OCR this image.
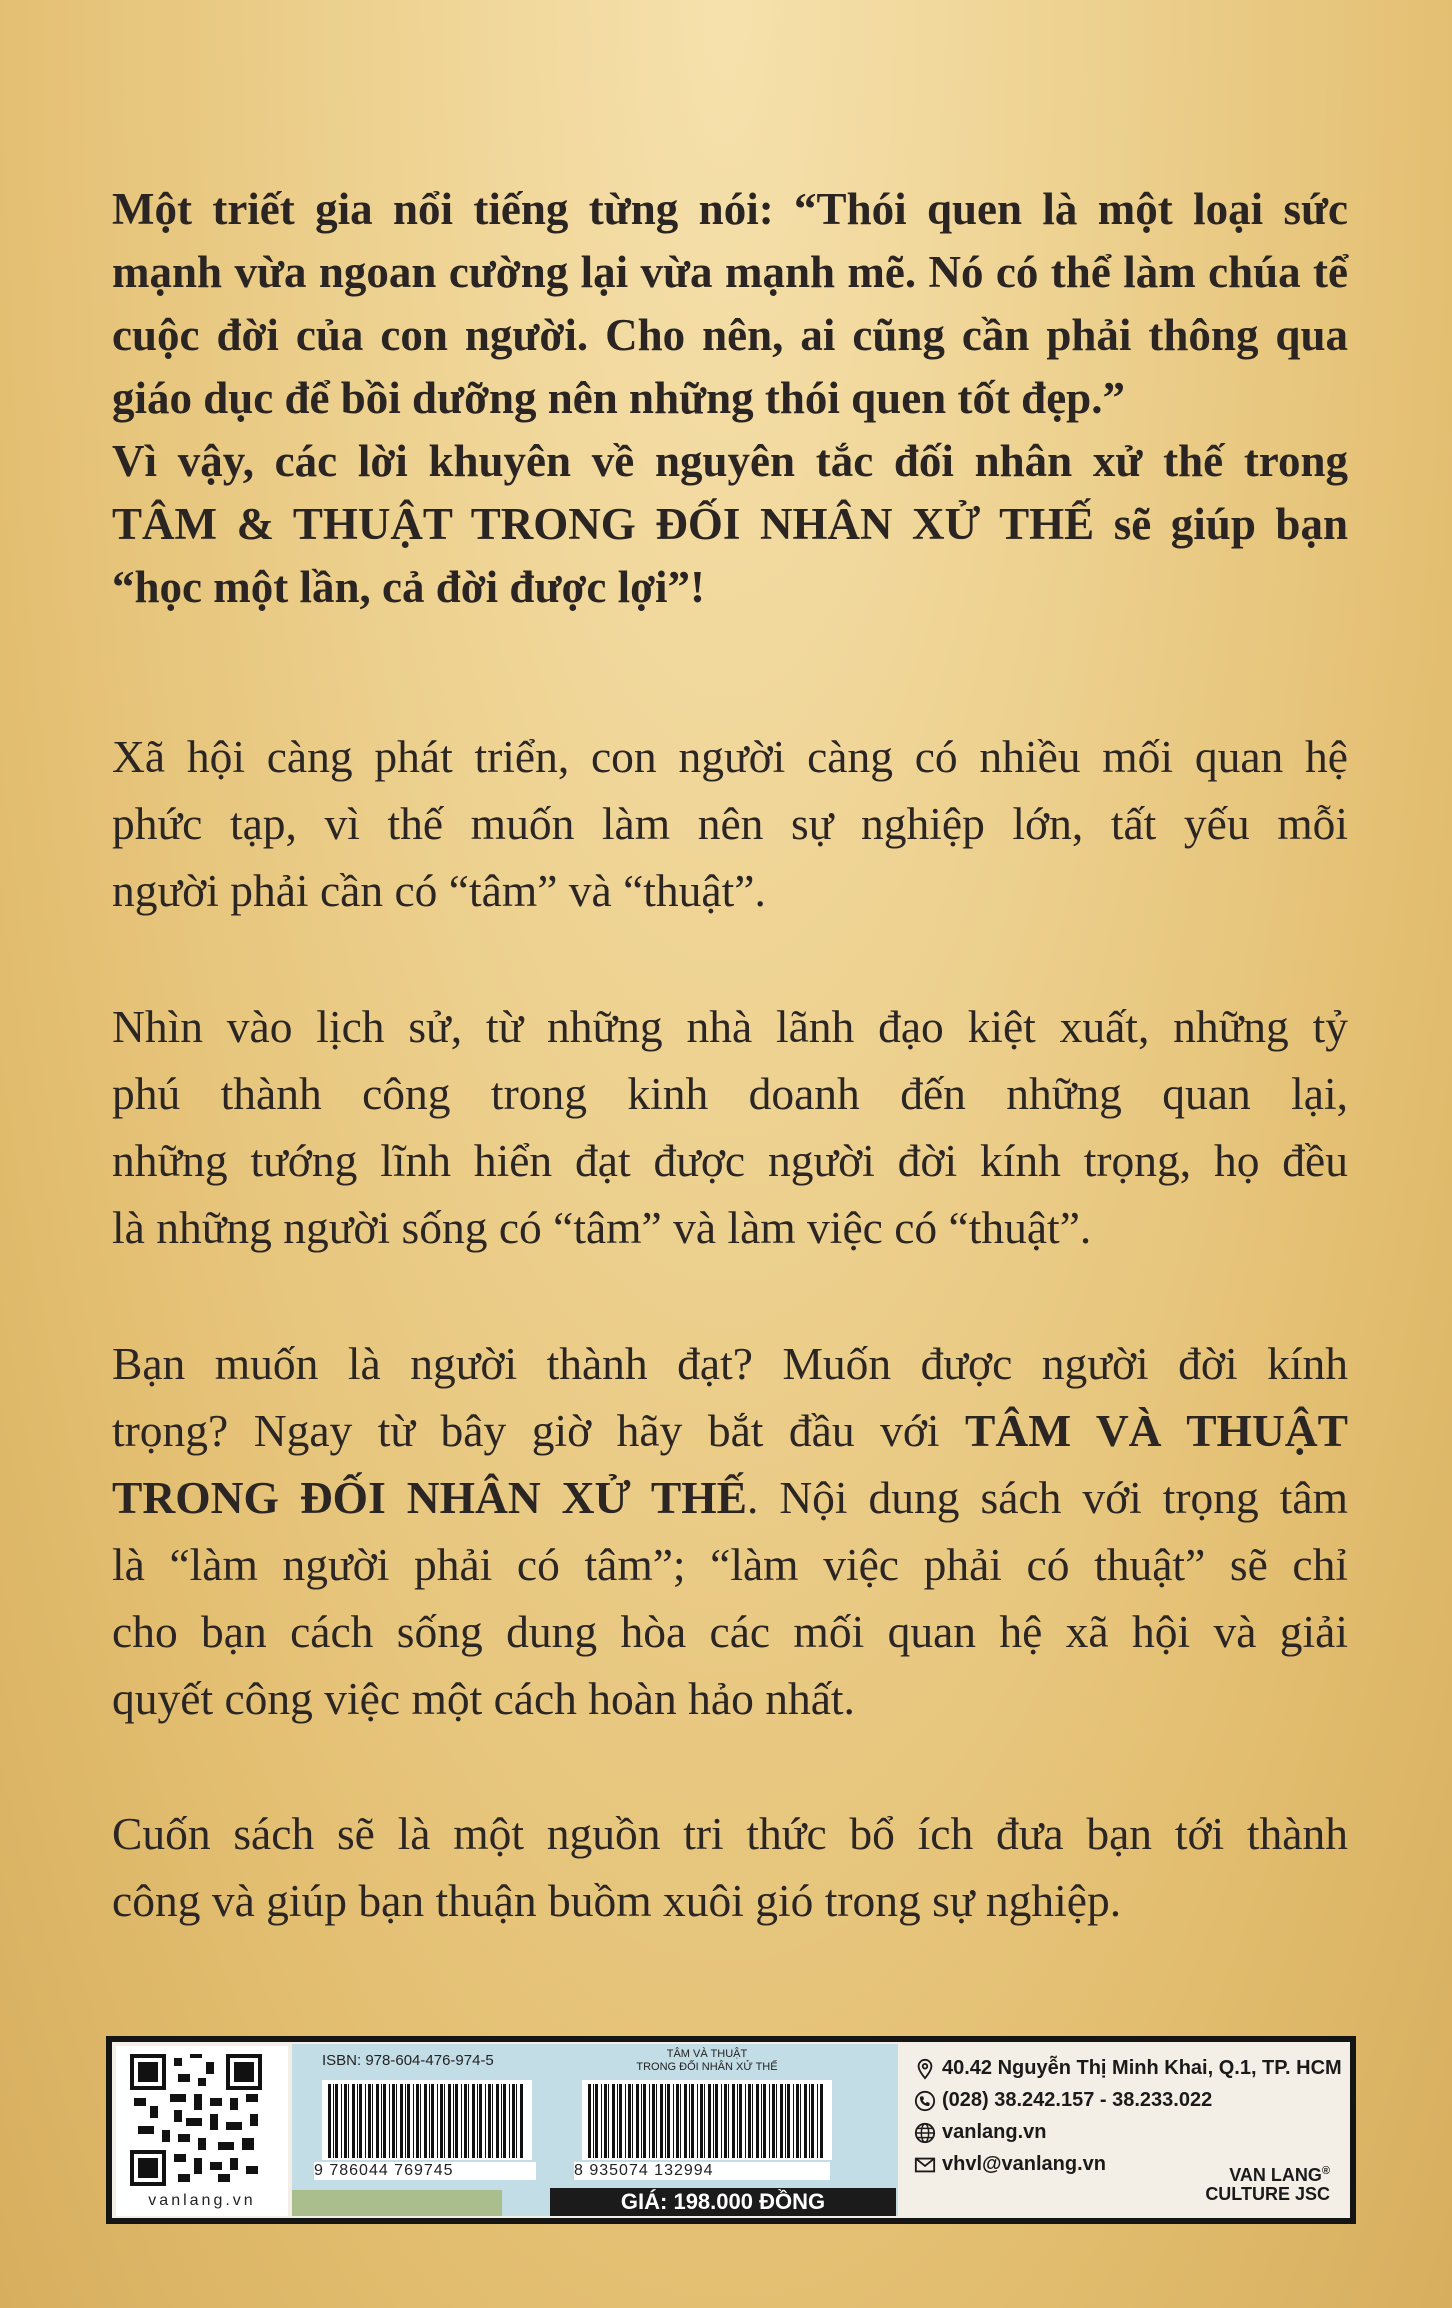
Một triết gia nổi tiếng từng nói: “Thói quen là một loại sức
mạnh vừa ngoan cường lại vừa mạnh mẽ. Nó có thể làm chúa tể
cuộc đời của con người. Cho nên, ai cũng cần phải thông qua
giáo dục để bồi dưỡng nên những thói quen tốt đẹp.”
Vì vậy, các lời khuyên về nguyên tắc đối nhân xử thế trong
TÂM & THUẬT TRONG ĐỐI NHÂN XỬ THẾ sẽ giúp bạn
“học một lần, cả đời được lợi”!
Xã hội càng phát triển, con người càng có nhiều mối quan hệ
phức tạp, vì thế muốn làm nên sự nghiệp lớn, tất yếu mỗi
người phải cần có “tâm” và “thuật”.
Nhìn vào lịch sử, từ những nhà lãnh đạo kiệt xuất, những tỷ
phú thành công trong kinh doanh đến những quan lại,
những tướng lĩnh hiển đạt được người đời kính trọng, họ đều
là những người sống có “tâm” và làm việc có “thuật”.
Bạn muốn là người thành đạt? Muốn được người đời kính
trọng? Ngay từ bây giờ hãy bắt đầu với TÂM VÀ THUẬT
TRONG ĐỐI NHÂN XỬ THẾ. Nội dung sách với trọng tâm
là “làm người phải có tâm”; “làm việc phải có thuật” sẽ chỉ
cho bạn cách sống dung hòa các mối quan hệ xã hội và giải
quyết công việc một cách hoàn hảo nhất.
Cuốn sách sẽ là một nguồn tri thức bổ ích đưa bạn tới thành
công và giúp bạn thuận buồm xuôi gió trong sự nghiệp.
vanlang.vn
ISBN: 978-604-476-974-5	TÂM VÀ THUẬT
TRONG ĐỐI NHÂN XỬ THẾ
9 786044 769745	8 935074 132994
GIÁ: 198.000 ĐỒNG
40.42 Nguyễn Thị Minh Khai, Q.1, TP. HCM
(028) 38.242.157 - 38.233.022
vanlang.vn
vhvl@vanlang.vn	VAN LANG®
CULTURE JSC
